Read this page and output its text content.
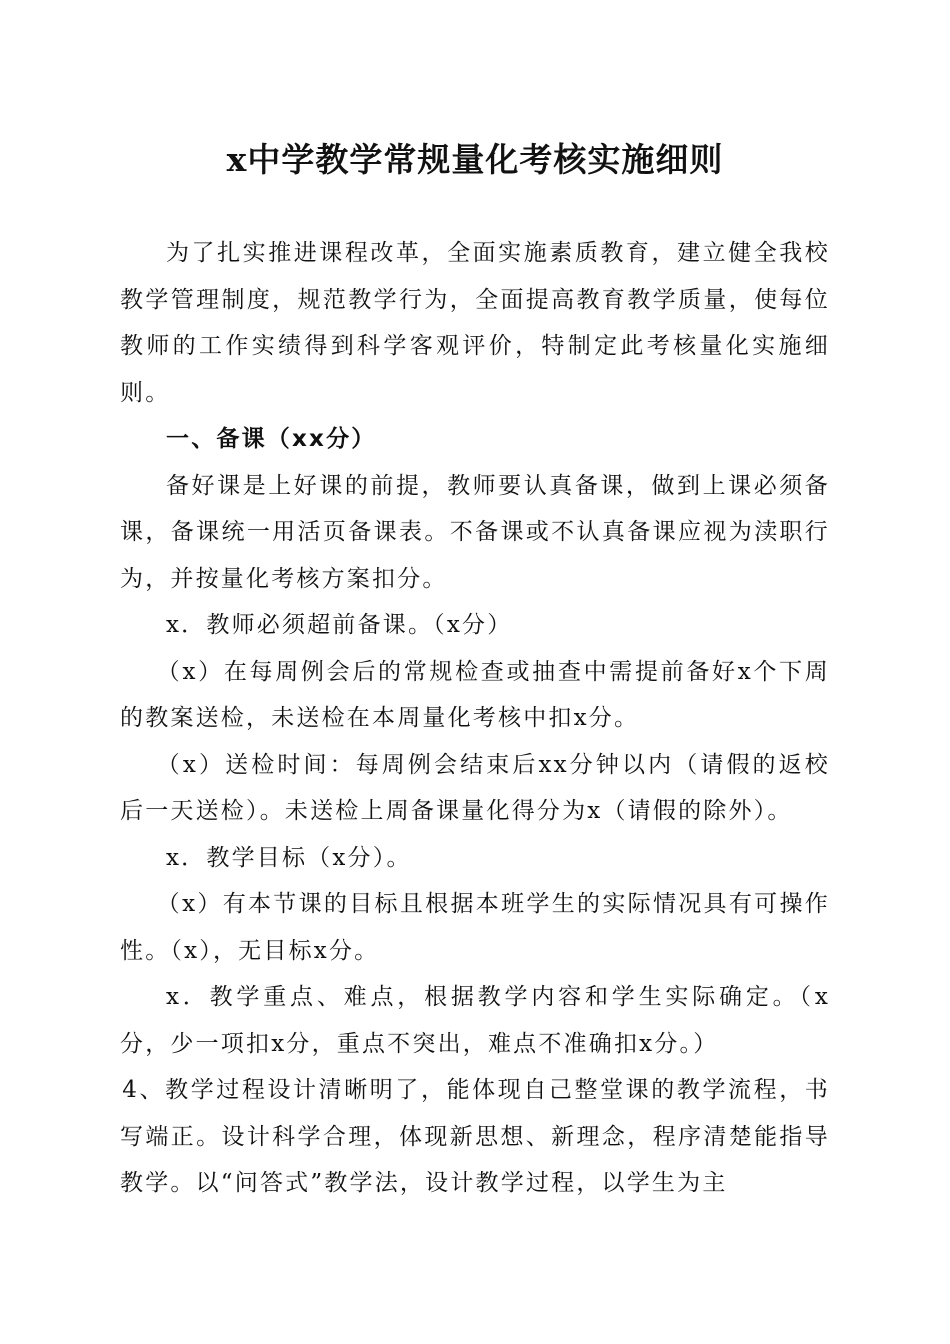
x中学教学常规量化考核实施细则

为了扎实推进课程改革，全面实施素质教育，建立健全我校教学管理制度，规范教学行为，全面提高教育教学质量，使每位教师的工作实绩得到科学客观评价，特制定此考核量化实施细则。

一、备课（xx分）

备好课是上好课的前提，教师要认真备课，做到上课必须备课，备课统一用活页备课表。不备课或不认真备课应视为渎职行为，并按量化考核方案扣分。

x．教师必须超前备课。（x分）

（x）在每周例会后的常规检查或抽查中需提前备好x个下周的教案送检，未送检在本周量化考核中扣x分。

（x）送检时间：每周例会结束后xx分钟以内（请假的返校后一天送检）。未送检上周备课量化得分为x（请假的除外）。

x．教学目标（x分）。

（x）有本节课的目标且根据本班学生的实际情况具有可操作性。（x），无目标x分。

x．教学重点、难点，根据教学内容和学生实际确定。（x分，少一项扣x分，重点不突出，难点不准确扣x分。）

4、教学过程设计清晰明了，能体现自己整堂课的教学流程，书写端正。设计科学合理，体现新思想、新理念，程序清楚能指导教学。以“问答式”教学法，设计教学过程，以学生为主
